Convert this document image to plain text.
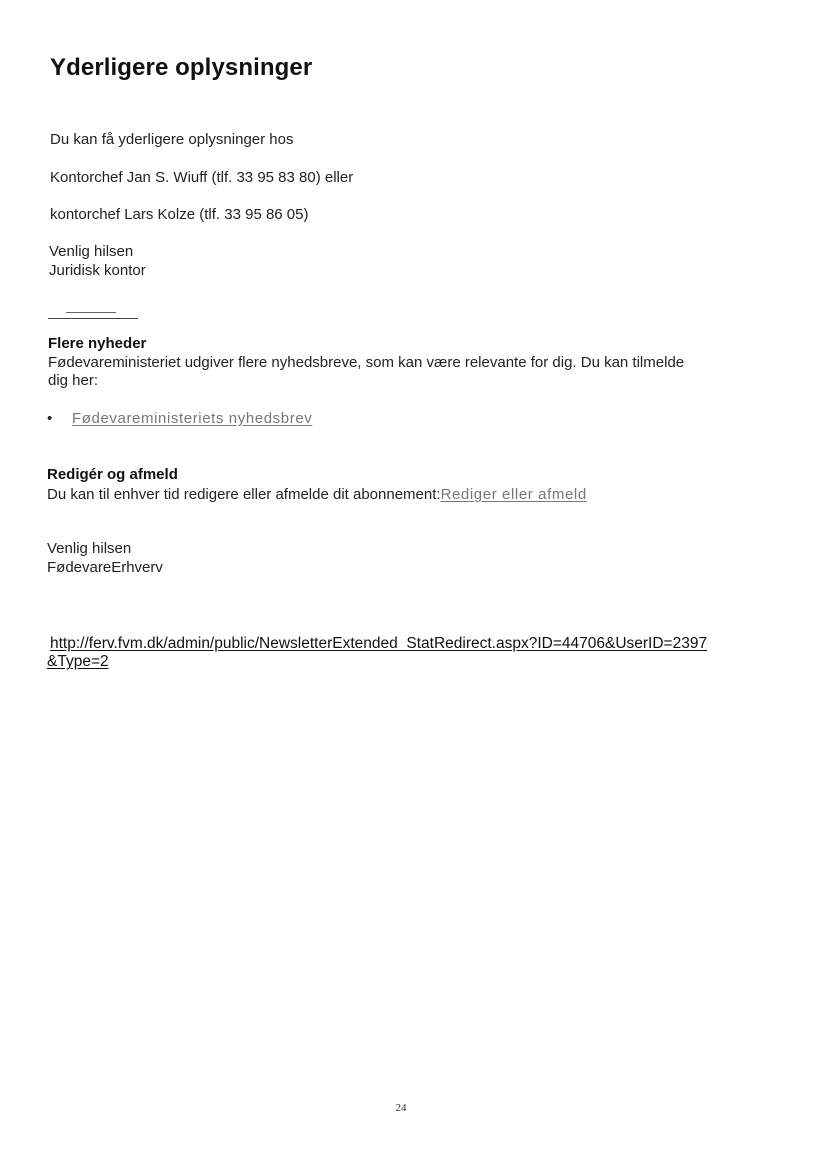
Yderligere oplysninger

Du kan få yderligere oplysninger hos

Kontorchef Jan S. Wiuff (tlf. 33 95 83 80) eller

kontorchef Lars Kolze (tlf. 33 95 86 05)

Venlig hilsen

Juridisk kontor

Flere nyheder

Fødevareministeriet udgiver flere nyhedsbreve, som kan være relevante for dig. Du kan tilmelde

dig her:

• Fødevareministeriets nyhedsbrev

Redigér og afmeld

Du kan til enhver tid redigere eller afmelde dit abonnement:Rediger eller afmeld

Venlig hilsen

FødevareErhverv

http://ferv.fvm.dk/admin/public/NewsletterExtended_StatRedirect.aspx?ID=44706&UserID=2397
&Type=2
24
